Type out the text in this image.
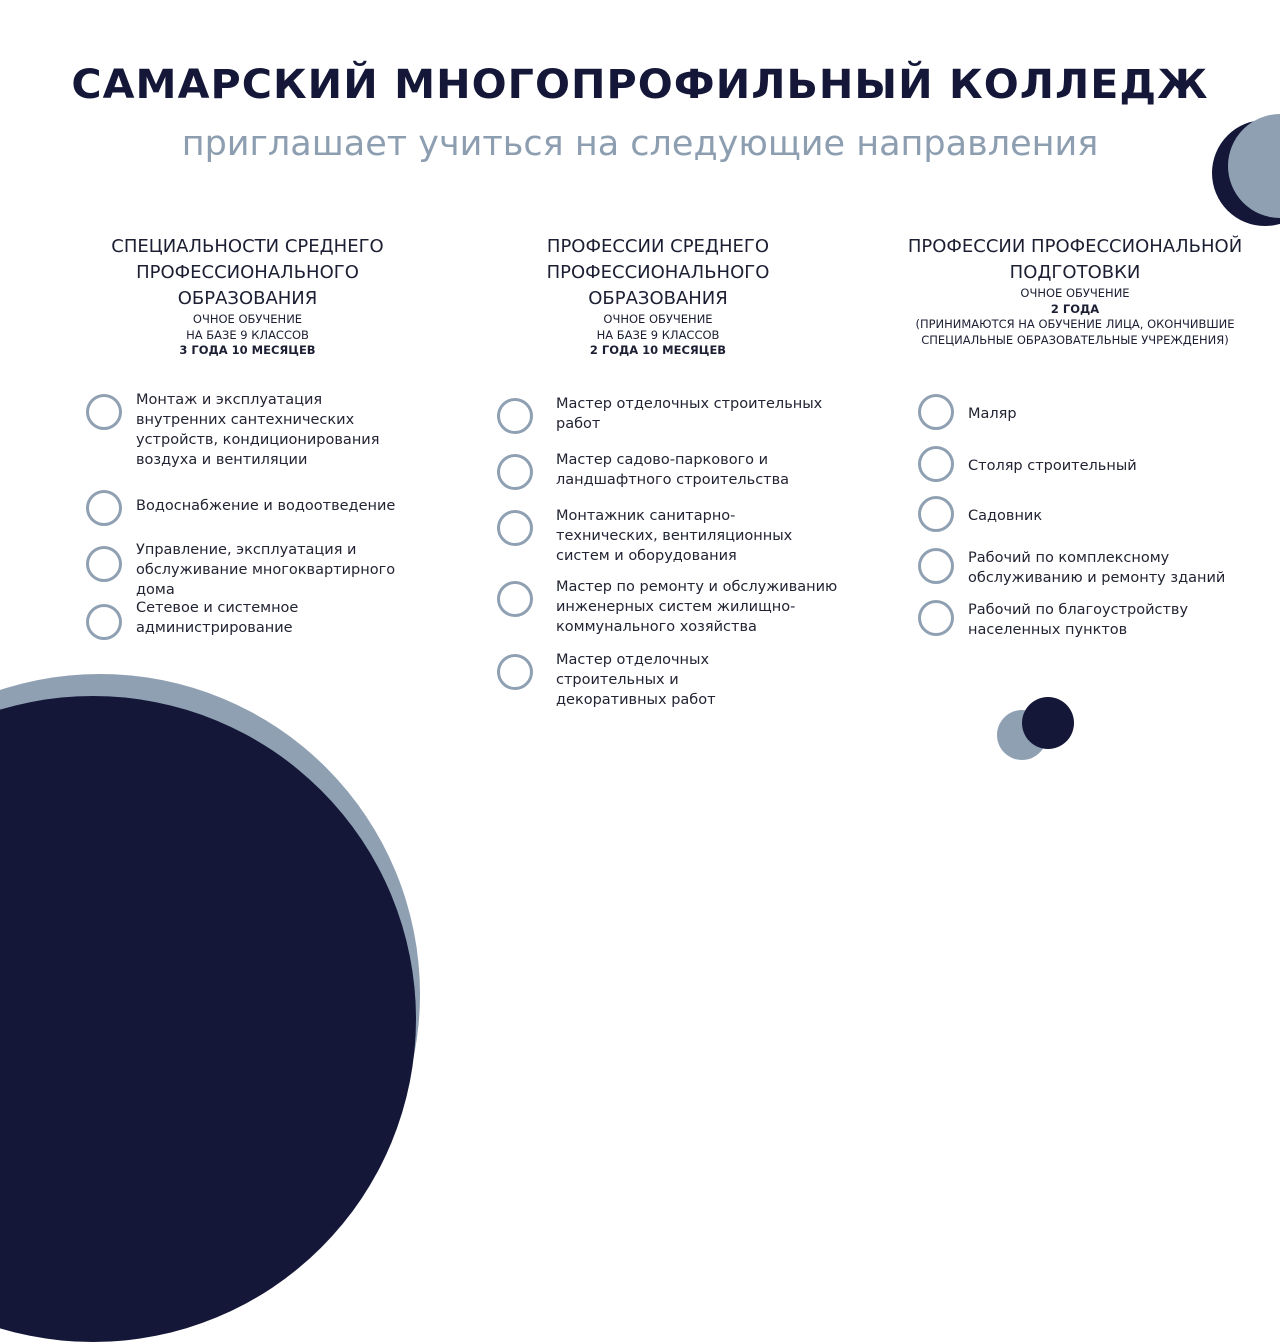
САМАРСКИЙ МНОГОПРОФИЛЬНЫЙ КОЛЛЕДЖ
приглашает учиться на следующие направления
СПЕЦИАЛЬНОСТИ СРЕДНЕГО ПРОФЕССИОНАЛЬНОГО ОБРАЗОВАНИЯ
ОЧНОЕ ОБУЧЕНИЕ
НА БАЗЕ 9 КЛАССОВ
3 ГОДА 10 МЕСЯЦЕВ
Монтаж и эксплуатация внутренних сантехнических устройств, кондиционирования воздуха и вентиляции
Водоснабжение и водоотведение
Управление, эксплуатация и обслуживание многоквартирного дома
Сетевое и системное администрирование
ПРОФЕССИИ СРЕДНЕГО ПРОФЕССИОНАЛЬНОГО ОБРАЗОВАНИЯ
ОЧНОЕ ОБУЧЕНИЕ
НА БАЗЕ 9 КЛАССОВ
2 ГОДА 10 МЕСЯЦЕВ
Мастер отделочных строительных работ
Мастер садово-паркового и ландшафтного строительства
Монтажник санитарно-технических, вентиляционных систем и оборудования
Мастер по ремонту и обслуживанию инженерных систем жилищно-коммунального хозяйства
Мастер отделочных строительных и декоративных работ
ПРОФЕССИИ ПРОФЕССИОНАЛЬНОЙ ПОДГОТОВКИ
ОЧНОЕ ОБУЧЕНИЕ
2 ГОДА
(ПРИНИМАЮТСЯ НА ОБУЧЕНИЕ ЛИЦА, ОКОНЧИВШИЕ
СПЕЦИАЛЬНЫЕ ОБРАЗОВАТЕЛЬНЫЕ УЧРЕЖДЕНИЯ)
Маляр
Столяр строительный
Садовник
Рабочий по комплексному обслуживанию и ремонту зданий
Рабочий по благоустройству населенных пунктов
